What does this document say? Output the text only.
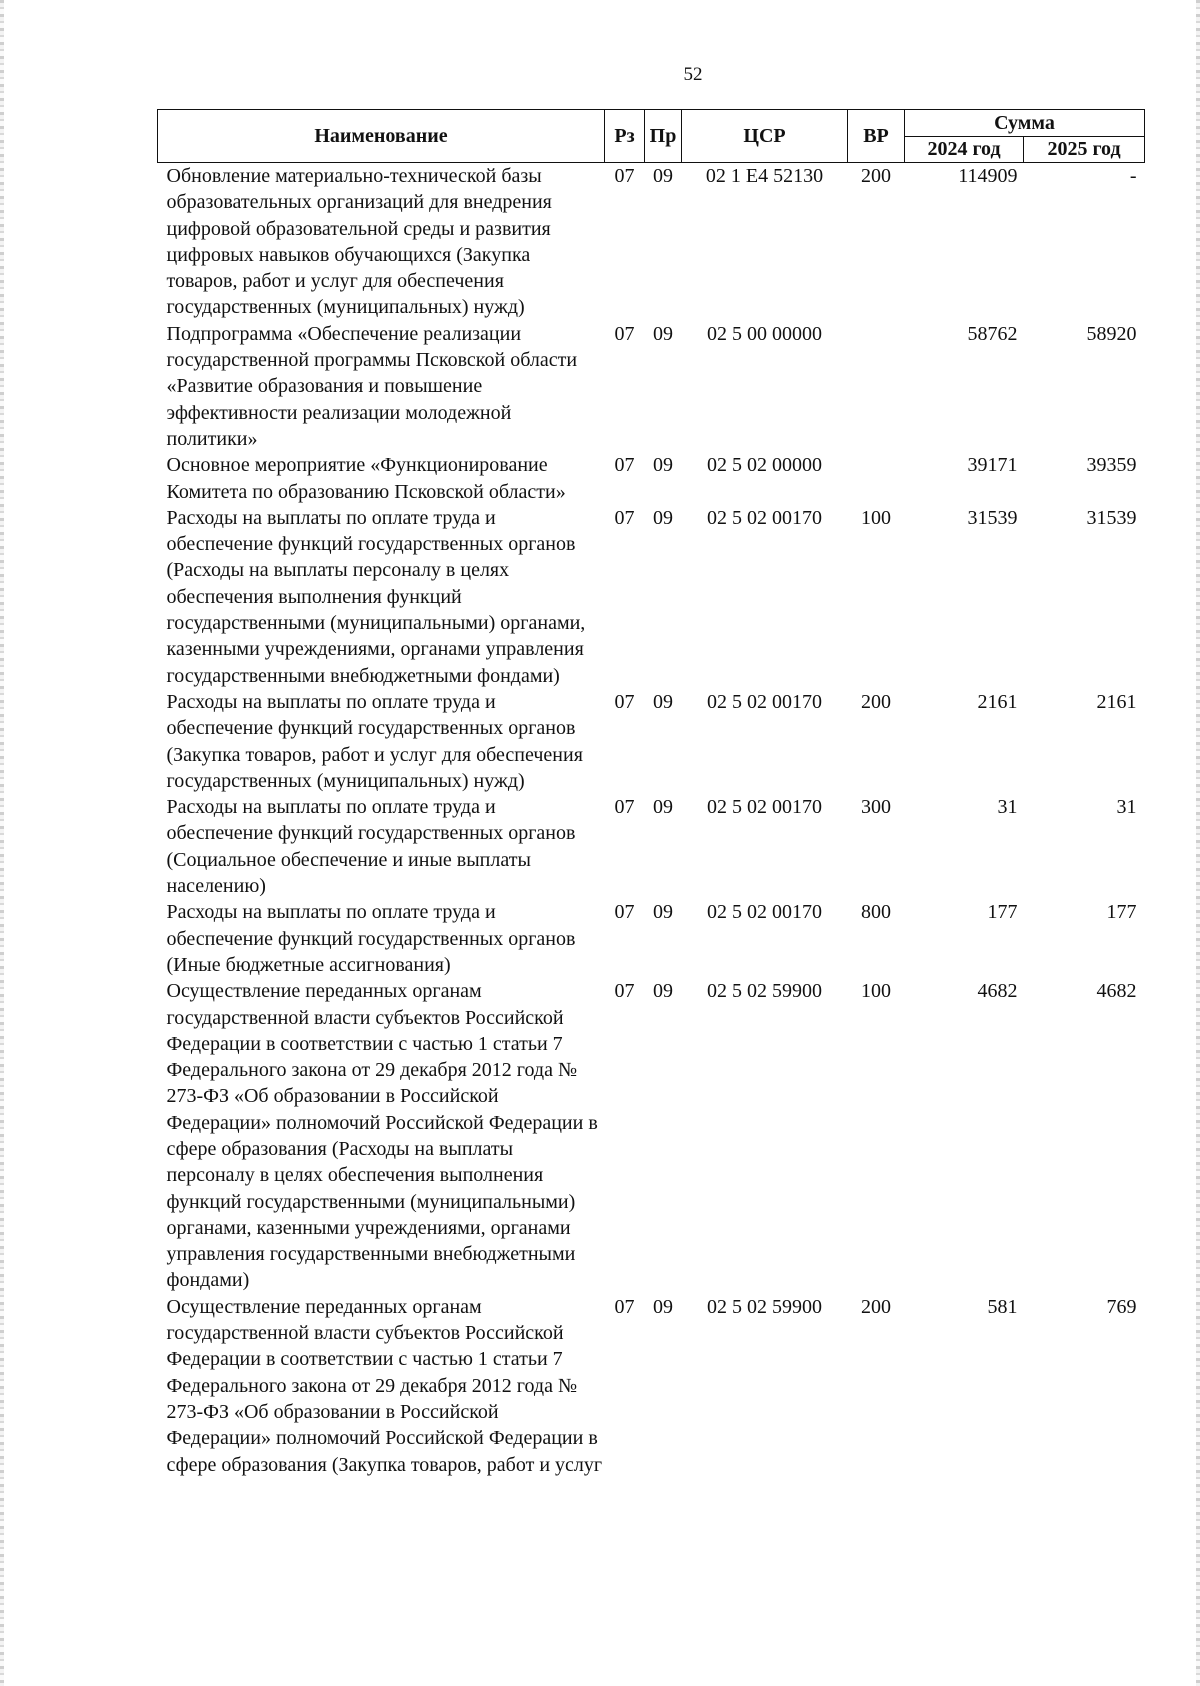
52
Наименование	Рз	Пр	ЦСР	ВР	Сумма	
					2024 год	2025 год
Обновление материально-технической базы образовательных организаций для внедрения цифровой образовательной среды и развития цифровых навыков обучающихся (Закупка товаров, работ и услуг для обеспечения государственных (муниципальных) нужд)	07	09	02 1 E4 52130	200	114909	-
Подпрограмма «Обеспечение реализации государственной программы Псковской области «Развитие образования и повышение эффективности реализации молодежной политики»	07	09	02 5 00 00000		58762	58920
Основное мероприятие «Функционирование Комитета по образованию Псковской области»	07	09	02 5 02 00000		39171	39359
Расходы на выплаты по оплате труда и обеспечение функций государственных органов (Расходы на выплаты персоналу в целях обеспечения выполнения функций государственными (муниципальными) органами, казенными учреждениями, органами управления государственными внебюджетными фондами)	07	09	02 5 02 00170	100	31539	31539
Расходы на выплаты по оплате труда и обеспечение функций государственных органов (Закупка товаров, работ и услуг для обеспечения государственных (муниципальных) нужд)	07	09	02 5 02 00170	200	2161	2161
Расходы на выплаты по оплате труда и обеспечение функций государственных органов (Социальное обеспечение и иные выплаты населению)	07	09	02 5 02 00170	300	31	31
Расходы на выплаты по оплате труда и обеспечение функций государственных органов (Иные бюджетные ассигнования)	07	09	02 5 02 00170	800	177	177
Осуществление переданных органам государственной власти субъектов Российской Федерации в соответствии с частью 1 статьи 7 Федерального закона от 29 декабря 2012 года № 273-ФЗ «Об образовании в Российской Федерации» полномочий Российской Федерации в сфере образования (Расходы на выплаты персоналу в целях обеспечения выполнения функций государственными (муниципальными) органами, казенными учреждениями, органами управления государственными внебюджетными фондами)	07	09	02 5 02 59900	100	4682	4682
Осуществление переданных органам государственной власти субъектов Российской Федерации в соответствии с частью 1 статьи 7 Федерального закона от 29 декабря 2012 года № 273-ФЗ «Об образовании в Российской Федерации» полномочий Российской Федерации в сфере образования (Закупка товаров, работ и услуг	07	09	02 5 02 59900	200	581	769
